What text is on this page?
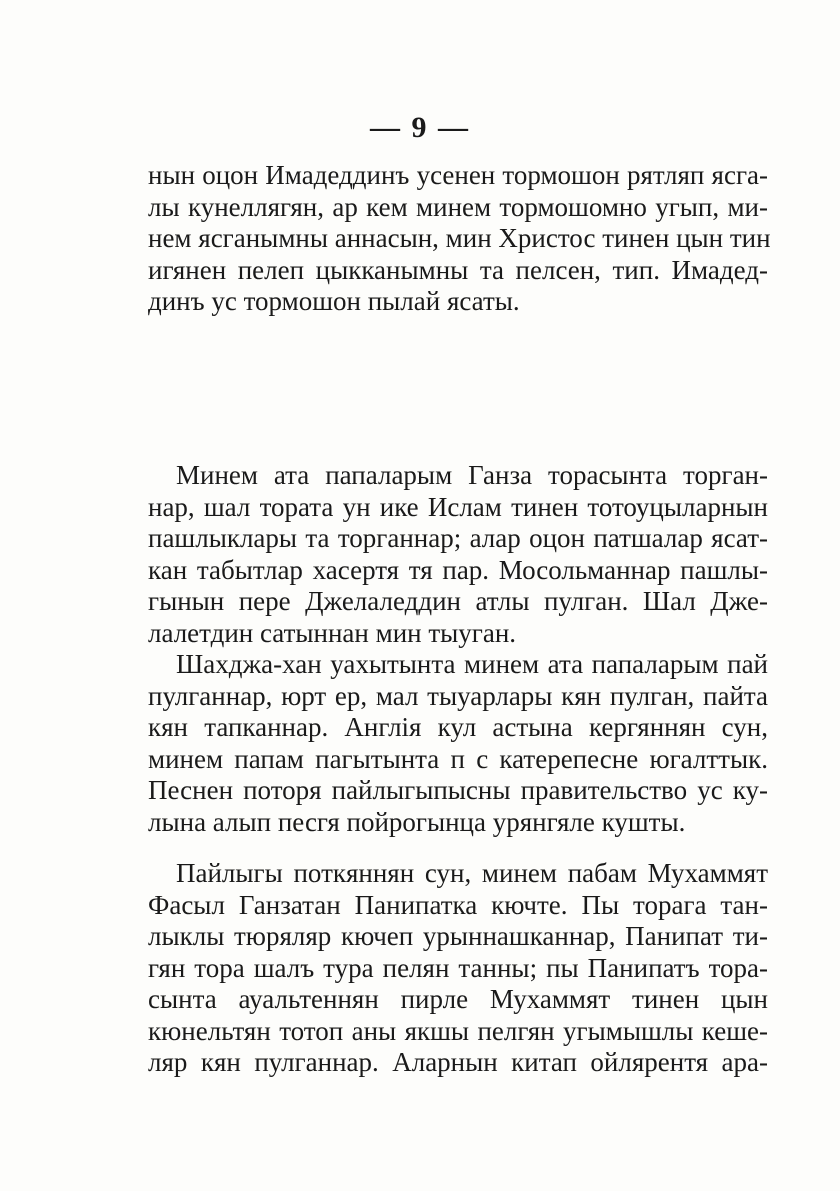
— 9 —
нын оцон Имадеддинъ усенен тормошон рятляп ясга-
лы кунеллягян, ар кем минем тормошомно угып, ми-
нем ясганымны аннасын, мин Христос тинен цын тин
игянен пелеп цыкканымны та пелсен, тип. Имадед-
динъ ус тормошон пылай ясаты.
Минем ата папаларым Ганза торасынта торган-
нар, шал тората ун ике Ислам тинен тотоуцыларнын
пашлыклары та торганнар; алар оцон патшалар ясат-
кан табытлар хасертя тя пар. Мосольманнар пашлы-
гынын пере Джелаледдин атлы пулган. Шал Дже-
лалетдин сатыннан мин тыуган.
Шахджа-хан уахытынта минем ата папаларым пай
пулганнар, юрт ер, мал тыуарлары кян пулган, пайта
кян тапканнар. Англія кул астына кергяннян сун,
минем папам пагытынта п с катерепесне югалттык.
Песнен поторя пайлыгыпысны правительство ус ку-
лына алып песгя пойрогынца урянгяле кушты.
Пайлыгы поткяннян сун, минем пабам Мухаммят
Фасыл Ганзатан Панипатка кючте. Пы торага тан-
лыклы тюряляр кючеп урыннашканнар, Панипат ти-
гян тора шалъ тура пелян танны; пы Панипатъ тора-
сынта ауальтеннян пирле Мухаммят тинен цын
кюнельтян тотоп аны якшы пелгян угымышлы кеше-
ляр кян пулганнар. Аларнын китап ойлярентя ара-
